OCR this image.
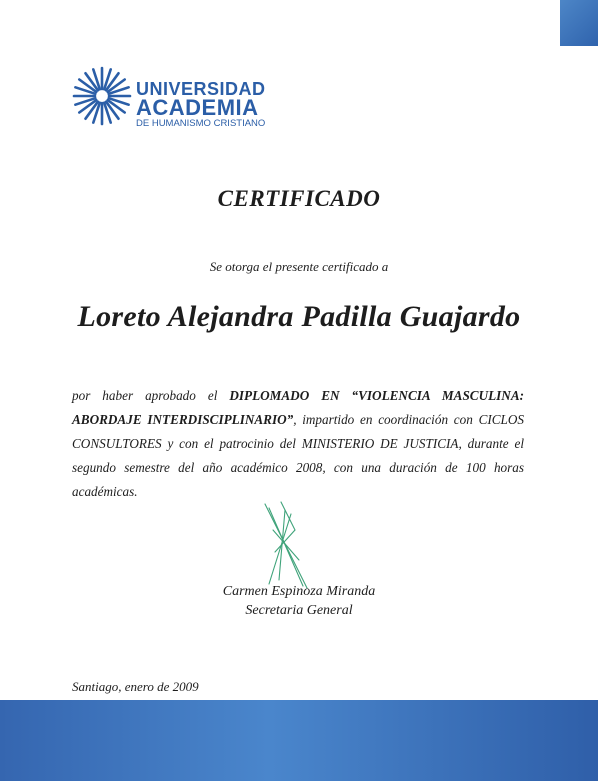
UNIVERSIDAD
ACADEMIA
DE HUMANISMO CRISTIANO
CERTIFICADO
Se otorga el presente certificado a
Loreto Alejandra Padilla Guajardo
por haber aprobado el DIPLOMADO EN “VIOLENCIA MASCULINA: ABORDAJE INTERDISCIPLINARIO”, impartido en coordinación con CICLOS CONSULTORES y con el patrocinio del MINISTERIO DE JUSTICIA, durante el segundo semestre del año académico 2008, con una duración de 100 horas académicas.
Carmen Espinoza Miranda
Secretaria General
Santiago, enero de 2009
